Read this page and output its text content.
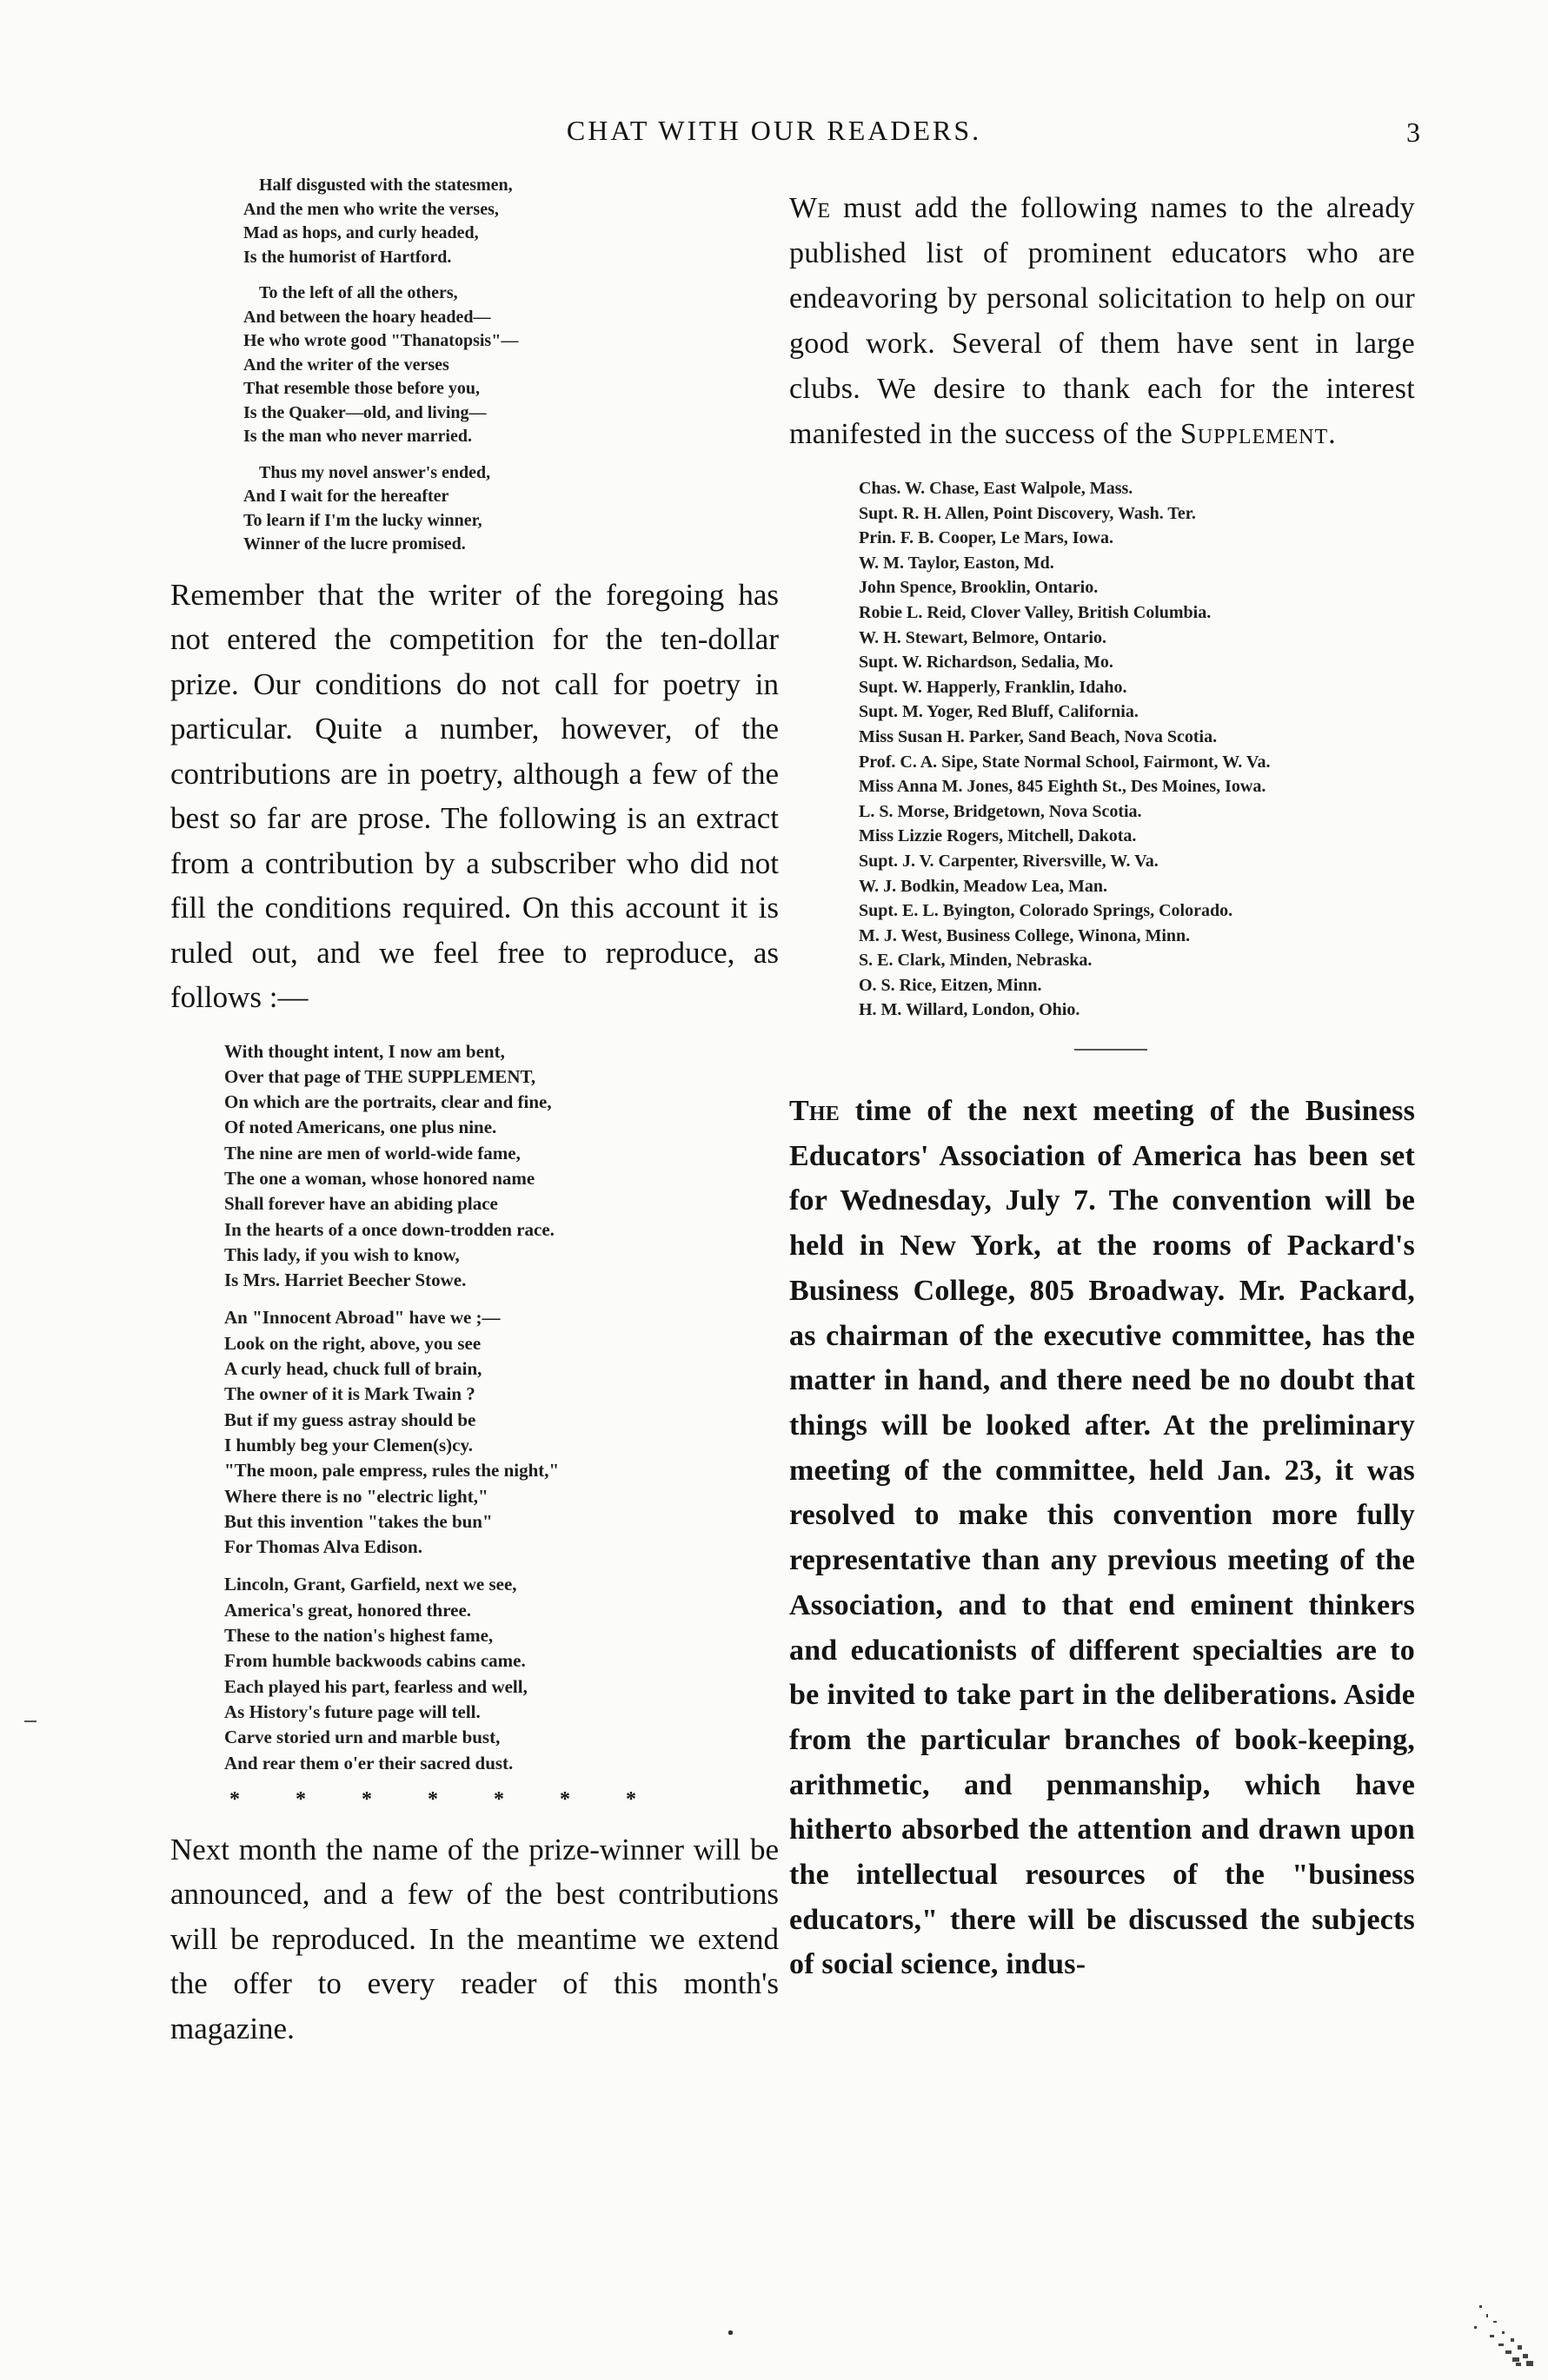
CHAT WITH OUR READERS.	3
Half disgusted with the statesmen,
And the men who write the verses,
Mad as hops, and curly headed,
Is the humorist of Hartford.
To the left of all the others,
And between the hoary headed—
He who wrote good "Thanatopsis"—
And the writer of the verses
That resemble those before you,
Is the Quaker—old, and living—
Is the man who never married.
Thus my novel answer's ended,
And I wait for the hereafter
To learn if I'm the lucky winner,
Winner of the lucre promised.

Remember that the writer of the foregoing has not entered the competition for the ten-dollar prize. Our conditions do not call for poetry in particular. Quite a number, however, of the contributions are in poetry, although a few of the best so far are prose. The following is an extract from a contribution by a subscriber who did not fill the conditions required. On this account it is ruled out, and we feel free to reproduce, as follows :—

With thought intent, I now am bent,
Over that page of THE SUPPLEMENT,
On which are the portraits, clear and fine,
Of noted Americans, one plus nine.
The nine are men of world-wide fame,
The one a woman, whose honored name
Shall forever have an abiding place
In the hearts of a once down-trodden race.
This lady, if you wish to know,
Is Mrs. Harriet Beecher Stowe.
An "Innocent Abroad" have we ;—
Look on the right, above, you see
A curly head, chuck full of brain,
The owner of it is Mark Twain ?
But if my guess astray should be
I humbly beg your Clemen(s)cy.
"The moon, pale empress, rules the night,"
Where there is no "electric light,"
But this invention "takes the bun"
For Thomas Alva Edison.
Lincoln, Grant, Garfield, next we see,
America's great, honored three.
These to the nation's highest fame,
From humble backwoods cabins came.
Each played his part, fearless and well,
As History's future page will tell.
Carve storied urn and marble bust,
And rear them o'er their sacred dust.
* * * * * * *

Next month the name of the prize-winner will be announced, and a few of the best contributions will be reproduced. In the meantime we extend the offer to every reader of this month's magazine.

We must add the following names to the already published list of prominent educators who are endeavoring by personal solicitation to help on our good work. Several of them have sent in large clubs. We desire to thank each for the interest manifested in the success of the Supplement.

Chas. W. Chase, East Walpole, Mass.
Supt. R. H. Allen, Point Discovery, Wash. Ter.
Prin. F. B. Cooper, Le Mars, Iowa.
W. M. Taylor, Easton, Md.
John Spence, Brooklin, Ontario.
Robie L. Reid, Clover Valley, British Columbia.
W. H. Stewart, Belmore, Ontario.
Supt. W. Richardson, Sedalia, Mo.
Supt. W. Happerly, Franklin, Idaho.
Supt. M. Yoger, Red Bluff, California.
Miss Susan H. Parker, Sand Beach, Nova Scotia.
Prof. C. A. Sipe, State Normal School, Fairmont, W. Va.
Miss Anna M. Jones, 845 Eighth St., Des Moines, Iowa.
L. S. Morse, Bridgetown, Nova Scotia.
Miss Lizzie Rogers, Mitchell, Dakota.
Supt. J. V. Carpenter, Riversville, W. Va.
W. J. Bodkin, Meadow Lea, Man.
Supt. E. L. Byington, Colorado Springs, Colorado.
M. J. West, Business College, Winona, Minn.
S. E. Clark, Minden, Nebraska.
O. S. Rice, Eitzen, Minn.
H. M. Willard, London, Ohio.

The time of the next meeting of the Business Educators' Association of America has been set for Wednesday, July 7. The convention will be held in New York, at the rooms of Packard's Business College, 805 Broadway. Mr. Packard, as chairman of the executive committee, has the matter in hand, and there need be no doubt that things will be looked after. At the preliminary meeting of the committee, held Jan. 23, it was resolved to make this convention more fully representative than any previous meeting of the Association, and to that end eminent thinkers and educationists of different specialties are to be invited to take part in the deliberations. Aside from the particular branches of book-keeping, arithmetic, and penmanship, which have hitherto absorbed the attention and drawn upon the intellectual resources of the "business educators," there will be discussed the subjects of social science, indus-
